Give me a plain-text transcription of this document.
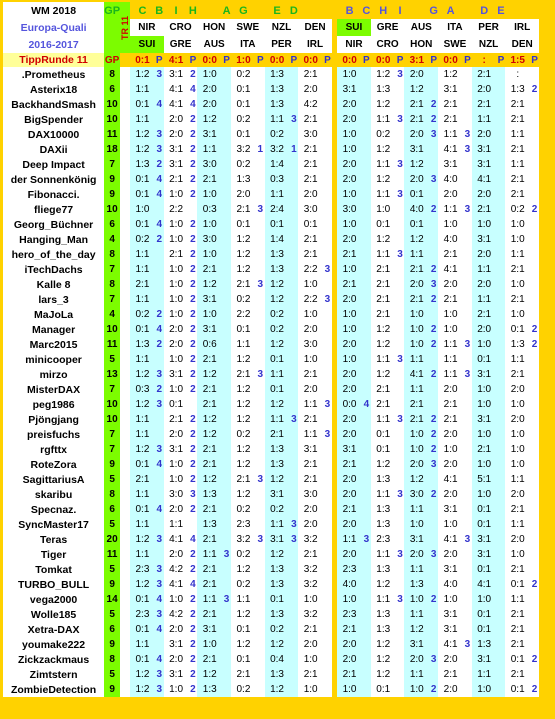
WM 2018	GP	TR 11	C	B	I	H		A	G		E	D				B	C	H	I		G	A		D	E		
Europa-Quali			NIR		CRO		HON		SWE		NZL		DEN			SUI		GRE		AUS		ITA		PER		IRL	
2016-2017			SUI		GRE		AUS		ITA		PER		IRL			NIR		CRO		HON		SWE		NZL		DEN	
TippRunde 11	GP		0:1	P	4:1	P	0:0	P	1:0	P	0:0	P	0:0	P		0:0	P	0:0	P	3:1	P	0:0	P	:	P	1:5	P
.Prometheus	8		1:2	3	3:1	2	1:0		0:2		1:3		2:1			1:0		1:2	3	2:0		1:2		2:1		:	
Asterix18	6		1:1		4:1	4	2:0		0:1		1:3		2:0			3:1		1:3		1:2		3:1		2:0		1:3	2
BackhandSmash	10		0:1	4	4:1	4	2:0		0:1		1:3		4:2			2:0		1:2		2:1	2	2:1		2:1		2:1	
BigSpender	10		1:1		2:0	2	1:2		0:2		1:1	3	2:1			2:0		1:1	3	2:1	2	2:1		1:1		2:1	
DAX10000	11		1:2	3	2:0	2	3:1		0:1		0:2		3:0			1:0		0:2		2:0	3	1:1	3	2:0		1:1	
DAXii	18		1:2	3	3:1	2	1:1		3:2	1	3:2	1	2:1			1:0		1:2		3:1		4:1	3	3:1		2:1	
Deep Impact	7		1:3	2	3:1	2	3:0		0:2		1:4		2:1			2:0		1:1	3	1:2		3:1		3:1		1:1	
der Sonnenkönig	9		0:1	4	2:1	2	2:1		1:3		0:3		2:1			2:0		1:2		2:0	3	4:0		4:1		2:1	
Fibonacci.	9		0:1	4	1:0	2	1:0		2:0		1:1		2:0			1:0		1:1	3	0:1		2:0		2:0		2:1	
fliege77	10		1:0		2:2		0:3		2:1	3	2:4		3:0			3:0		1:0		4:0	2	1:1	3	2:1		0:2	2
Georg_Büchner	6		0:1	4	1:0	2	1:0		0:1		0:1		0:1			1:0		0:1		0:1		1:0		1:0		1:0	
Hanging_Man	4		0:2	2	1:0	2	3:0		1:2		1:4		2:1			2:0		1:2		1:2		4:0		3:1		1:0	
hero_of_the_day	8		1:1		2:1	2	1:0		1:2		1:3		2:1			2:1		1:1	3	1:1		2:1		2:0		1:1	
iTechDachs	7		1:1		1:0	2	2:1		1:2		1:3		2:2	3		1:0		2:1		2:1	2	4:1		1:1		2:1	
Kalle 8	8		2:1		1:0	2	1:2		2:1	3	1:2		1:0			2:1		2:1		2:0	3	2:0		2:0		1:0	
lars_3	7		1:1		1:0	2	3:1		0:2		1:2		2:2	3		2:0		2:1		2:1	2	2:1		1:1		2:1	
MaJoLa	4		0:2	2	1:0	2	1:0		2:2		0:2		1:0			1:0		2:1		1:0		1:0		2:1		1:0	
Manager	10		0:1	4	2:0	2	3:1		0:1		0:2		2:0			1:0		1:2		1:0	2	1:0		2:0		0:1	2
Marc2015	11		1:3	2	2:0	2	0:6		1:1		1:2		3:0			2:0		1:2		1:0	2	1:1	3	1:0		1:3	2
minicooper	5		1:1		1:0	2	2:1		1:2		0:1		1:0			1:0		1:1	3	1:1		1:1		0:1		1:1	
mirzo	13		1:2	3	3:1	2	1:2		2:1	3	1:1		2:1			2:0		1:2		4:1	2	1:1	3	3:1		2:1	
MisterDAX	7		0:3	2	1:0	2	2:1		1:2		0:1		2:0			2:0		2:1		1:1		2:0		1:0		2:0	
peg1986	10		1:2	3	0:1		2:1		1:2		1:2		1:1	3		0:0	4	2:1		2:1		2:1		1:0		1:0	
Pjöngjang	10		1:1		2:1	2	1:2		1:2		1:1	3	2:1			2:0		1:1	3	2:1	2	2:1		3:1		2:0	
preisfuchs	7		1:1		2:0	2	1:2		0:2		2:1		1:1	3		2:0		0:1		1:0	2	2:0		1:0		1:0	
rgfttx	7		1:2	3	3:1	2	2:1		1:2		1:3		3:1			3:1		0:1		1:0	2	1:0		2:1		1:0	
RoteZora	9		0:1	4	1:0	2	2:1		1:2		1:3		2:1			2:1		1:2		2:0	3	2:0		1:0		1:0	
SagittariusA	5		2:1		1:0	2	1:2		2:1	3	1:2		2:1			2:0		1:3		1:2		4:1		5:1		1:1	
skaribu	8		1:1		3:0	3	1:3		1:2		3:1		3:0			2:0		1:1	3	3:0	2	2:0		1:0		2:0	
Specnaz.	6		0:1	4	2:0	2	2:1		0:2		0:2		2:0			2:1		1:3		1:1		3:1		0:1		2:1	
SyncMaster17	5		1:1		1:1		1:3		2:3		1:1	3	2:0			2:0		1:3		1:0		1:0		0:1		1:1	
Teras	20		1:2	3	4:1	4	2:1		3:2	3	3:1	3	3:2			1:1	3	2:3		3:1		4:1	3	3:1		2:0	
Tiger	11		1:1		2:0	2	1:1	3	0:2		1:2		2:1			2:0		1:1	3	2:0	3	2:0		3:1		1:0	
Tomkat	5		2:3	3	4:2	2	2:1		1:2		1:3		3:2			2:3		1:3		1:1		3:1		0:1		2:1	
TURBO_BULL	9		1:2	3	4:1	4	2:1		0:2		1:3		3:2			4:0		1:2		1:3		4:0		4:1		0:1	2
vega2000	14		0:1	4	1:0	2	1:1	3	1:1		0:1		1:0			1:0		1:1	3	1:0	2	1:0		1:0		1:1	
Wolle185	5		2:3	3	4:2	2	2:1		1:2		1:3		3:2			2:3		1:3		1:1		3:1		0:1		2:1	
Xetra-DAX	6		0:1	4	2:0	2	3:1		0:1		0:2		2:1			2:1		1:3		1:2		3:1		0:1		2:1	
youmake222	9		1:1		3:1	2	1:0		1:2		1:2		2:0			2:0		1:2		3:1		4:1	3	1:3		2:1	
Zickzackmaus	8		0:1	4	2:0	2	2:1		0:1		0:4		1:0			2:0		1:2		2:0	3	2:0		3:1		0:1	2
Zimtstern	5		1:2	3	3:1	2	1:2		2:1		1:3		2:1			2:1		1:2		1:1		2:1		1:1		2:1	
ZombieDetection	9		1:2	3	1:0	2	1:3		0:2		1:2		1:0			1:0		0:1		1:0	2	2:0		1:0		0:1	2
